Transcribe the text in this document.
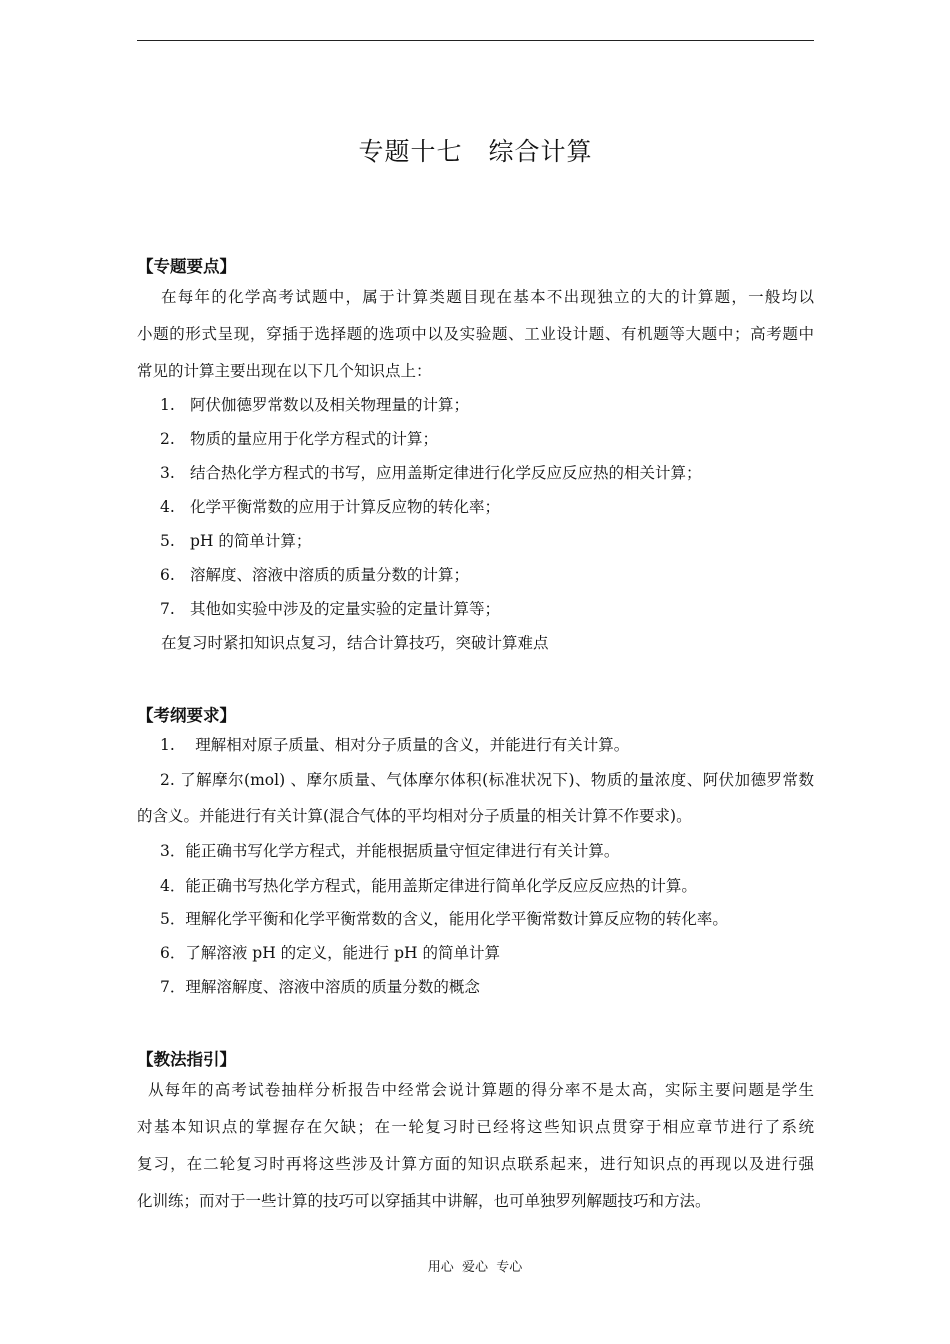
专题十七　综合计算
【专题要点】
在每年的化学高考试题中，属于计算类题目现在基本不出现独立的大的计算题，一般均以
小题的形式呈现，穿插于选择题的选项中以及实验题、工业设计题、有机题等大题中；高考题中
常见的计算主要出现在以下几个知识点上：
1. 阿伏伽德罗常数以及相关物理量的计算；
2. 物质的量应用于化学方程式的计算；
3. 结合热化学方程式的书写，应用盖斯定律进行化学反应反应热的相关计算；
4. 化学平衡常数的应用于计算反应物的转化率；
5. pH 的简单计算；
6. 溶解度、溶液中溶质的质量分数的计算；
7. 其他如实验中涉及的定量实验的定量计算等；
在复习时紧扣知识点复习，结合计算技巧，突破计算难点
【考纲要求】
1.　 理解相对原子质量、相对分子质量的含义，并能进行有关计算。
2. 了解摩尔(mol) 、摩尔质量、气体摩尔体积(标准状况下)、物质的量浓度、阿伏加德罗常数
的含义。并能进行有关计算(混合气体的平均相对分子质量的相关计算不作要求)。
3．能正确书写化学方程式，并能根据质量守恒定律进行有关计算。
4．能正确书写热化学方程式，能用盖斯定律进行简单化学反应反应热的计算。
5．理解化学平衡和化学平衡常数的含义，能用化学平衡常数计算反应物的转化率。
6．了解溶液 pH 的定义，能进行 pH 的简单计算
7．理解溶解度、溶液中溶质的质量分数的概念
【教法指引】
从每年的高考试卷抽样分析报告中经常会说计算题的得分率不是太高，实际主要问题是学生
对基本知识点的掌握存在欠缺；在一轮复习时已经将这些知识点贯穿于相应章节进行了系统
复习，在二轮复习时再将这些涉及计算方面的知识点联系起来，进行知识点的再现以及进行强
化训练；而对于一些计算的技巧可以穿插其中讲解，也可单独罗列解题技巧和方法。
用心  爱心  专心
